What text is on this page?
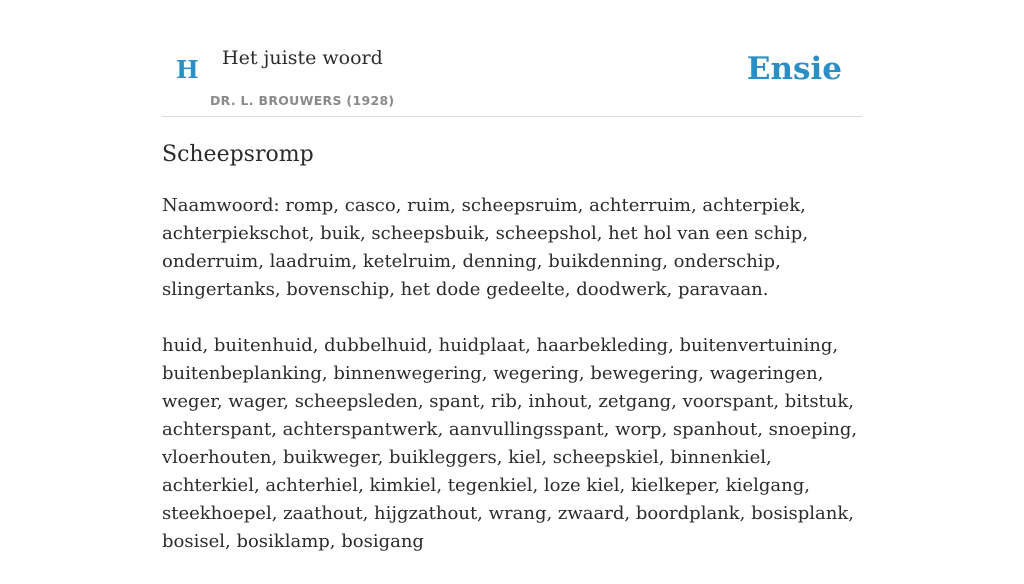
H Het juiste woord
DR. L. BROUWERS (1928)
Ensie
Scheepsromp

Naamwoord: romp, casco, ruim, scheepsruim, achterruim, achterpiek, achterpiekschot, buik, scheepsbuik, scheepshol, het hol van een schip, onderruim, laadruim, ketelruim, denning, buikdenning, onderschip, slingertanks, bovenschip, het dode gedeelte, doodwerk, paravaan.

huid, buitenhuid, dubbelhuid, huidplaat, haarbekleding, buitenvertuining, buitenbeplanking, binnenwegering, wegering, bewegering, wageringen, weger, wager, scheepsleden, spant, rib, inhout, zetgang, voorspant, bitstuk, achterspant, achterspantwerk, aanvullingsspant, worp, spanhout, snoeping, vloerhouten, buikweger, buikleggers, kiel, scheepskiel, binnenkiel, achterkiel, achterhiel, kimkiel, tegenkiel, loze kiel, kielkeper, kielgang, steekhoepel, zaathout, hijgzathout, wrang, zwaard, boordplank, bosisplank, bosisel, bosiklamp, bosigang
